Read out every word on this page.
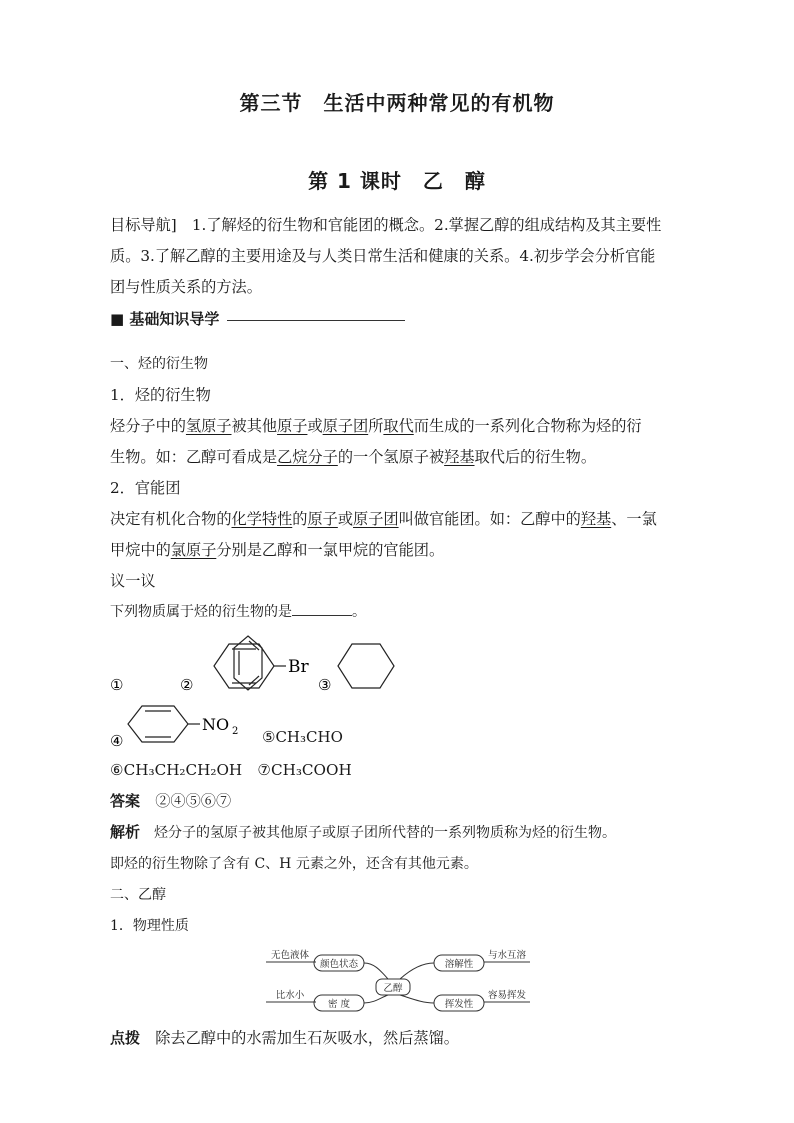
第三节　生活中两种常见的有机物
第 1 课时　乙　醇
目标导航]　1.了解烃的衍生物和官能团的概念。2.掌握乙醇的组成结构及其主要性
质。3.了解乙醇的主要用途及与人类日常生活和健康的关系。4.初步学会分析官能
团与性质关系的方法。
■ 基础知识导学
一、烃的衍生物
1．烃的衍生物
烃分子中的氢原子被其他原子或原子团所取代而生成的一系列化合物称为烃的衍
生物。如：乙醇可看成是乙烷分子的一个氢原子被羟基取代后的衍生物。
2．官能团
决定有机化合物的化学特性的原子或原子团叫做官能团。如：乙醇中的羟基、一氯
甲烷中的氯原子分别是乙醇和一氯甲烷的官能团。
议一议
下列物质属于烃的衍生物的是	。
①	②
Br
③
④
NO 2 ⑤CH₃CHO
⑥CH₃CH₂CH₂OH　 ⑦CH₃COOH
答案　 ②④⑤⑥⑦
解析　 烃分子的氢原子被其他原子或原子团所代替的一系列物质称为烃的衍生物。
即烃的衍生物除了含有 C、H 元素之外，还含有其他元素。
二、乙醇
1．物理性质
乙醇
颜色状态
无色液体
溶解性
与水互溶
密 度
比水小
挥发性
容易挥发
点拨　 除去乙醇中的水需加生石灰吸水，然后蒸馏。
